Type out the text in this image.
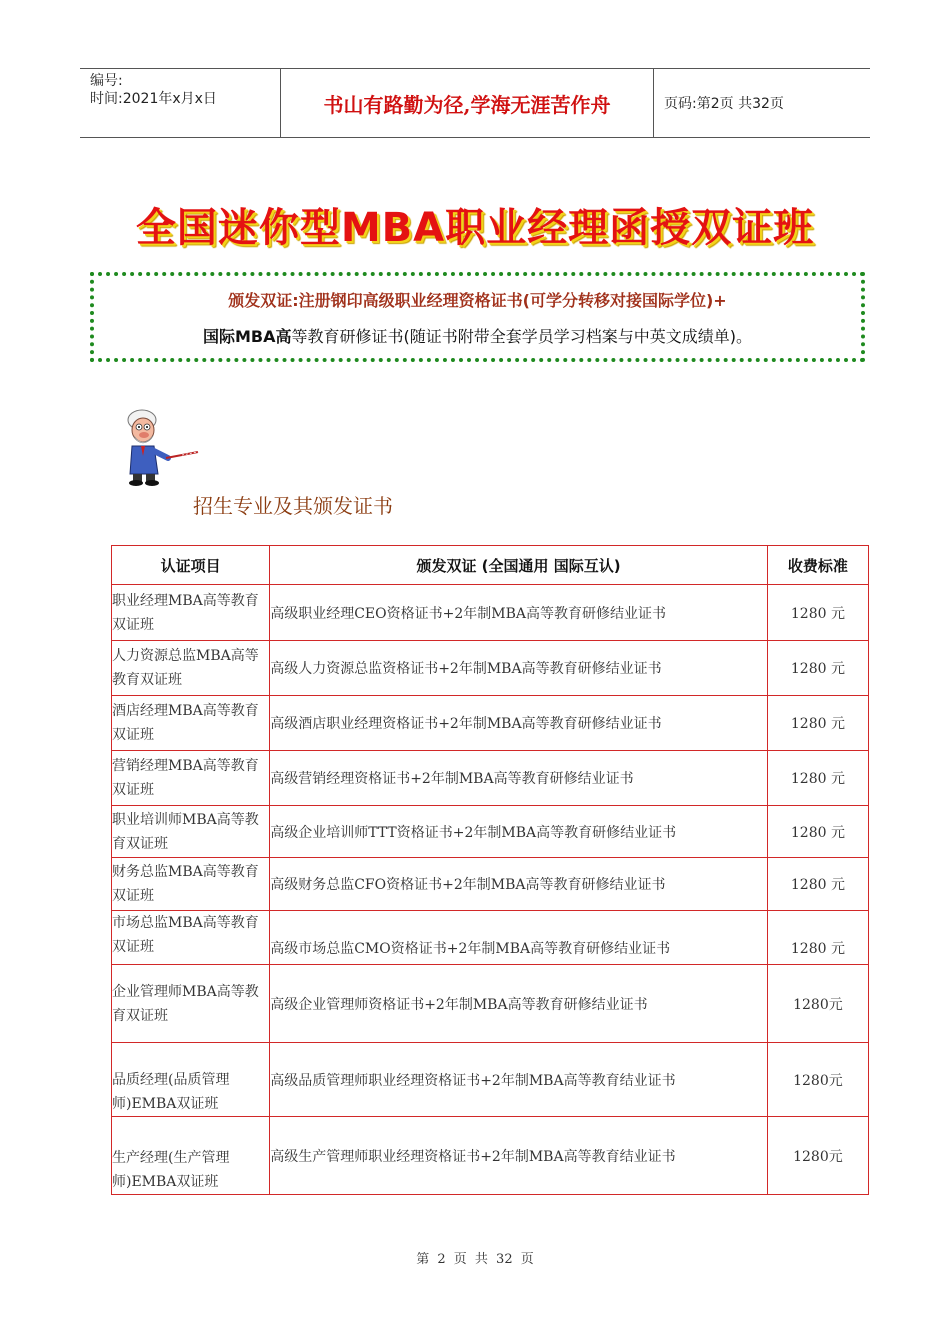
编号:
时间:2021年x月x日	书山有路勤为径,学海无涯苦作舟	页码:第2页 共32页
全国迷你型MBA职业经理函授双证班
颁发双证:注册钢印高级职业经理资格证书(可学分转移对接国际学位)+
国际MBA高等教育研修证书(随证书附带全套学员学习档案与中英文成绩单)。
招生专业及其颁发证书
认证项目	颁发双证 (全国通用 国际互认)	收费标准
职业经理MBA高等教育双证班	高级职业经理CEO资格证书+2年制MBA高等教育研修结业证书	1280 元
人力资源总监MBA高等教育双证班	高级人力资源总监资格证书+2年制MBA高等教育研修结业证书	1280 元
酒店经理MBA高等教育双证班	高级酒店职业经理资格证书+2年制MBA高等教育研修结业证书	1280 元
营销经理MBA高等教育双证班	高级营销经理资格证书+2年制MBA高等教育研修结业证书	1280 元
职业培训师MBA高等教育双证班	高级企业培训师TTT资格证书+2年制MBA高等教育研修结业证书	1280 元
财务总监MBA高等教育双证班	高级财务总监CFO资格证书+2年制MBA高等教育研修结业证书	1280 元
市场总监MBA高等教育双证班	高级市场总监CMO资格证书+2年制MBA高等教育研修结业证书	1280 元
企业管理师MBA高等教育双证班	高级企业管理师资格证书+2年制MBA高等教育研修结业证书	1280元
品质经理(品质管理师)EMBA双证班	高级品质管理师职业经理资格证书+2年制MBA高等教育结业证书	1280元
生产经理(生产管理师)EMBA双证班	高级生产管理师职业经理资格证书+2年制MBA高等教育结业证书	1280元
第 2 页 共 32 页
